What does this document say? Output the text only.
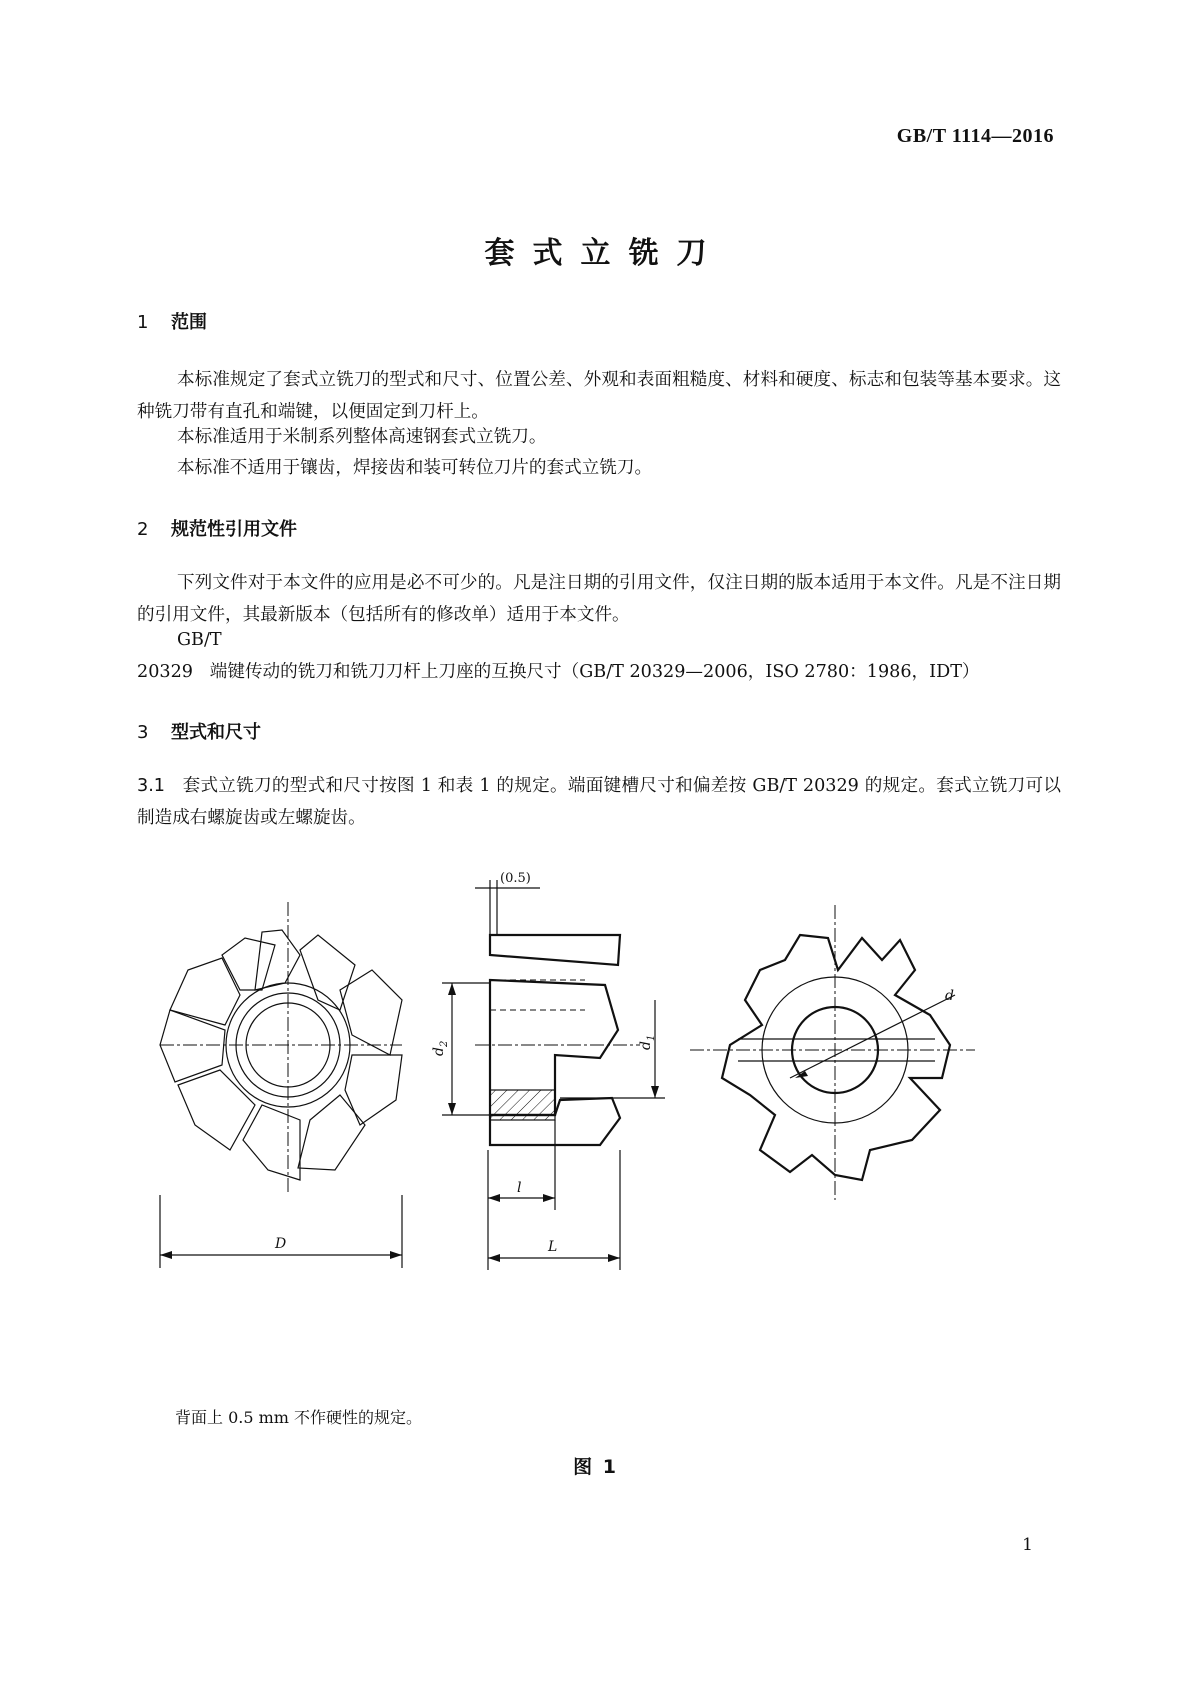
GB/T 1114—2016
套式立铣刀
1 范围
本标准规定了套式立铣刀的型式和尺寸、位置公差、外观和表面粗糙度、材料和硬度、标志和包装等基本要求。这种铣刀带有直孔和端键，以便固定到刀杆上。
本标准适用于米制系列整体高速钢套式立铣刀。
本标准不适用于镶齿，焊接齿和装可转位刀片的套式立铣刀。
2 规范性引用文件
下列文件对于本文件的应用是必不可少的。凡是注日期的引用文件，仅注日期的版本适用于本文件。凡是不注日期的引用文件，其最新版本（包括所有的修改单）适用于本文件。
GB/T 20329 端键传动的铣刀和铣刀刀杆上刀座的互换尺寸（GB/T 20329—2006，ISO 2780：1986，IDT）
3 型式和尺寸
3.1 套式立铣刀的型式和尺寸按图 1 和表 1 的规定。端面键槽尺寸和偏差按 GB/T 20329 的规定。套式立铣刀可以制造成右螺旋齿或左螺旋齿。
D
(0.5)
$d_2$	$d_1$
l
L
d
背面上 0.5 mm 不作硬性的规定。
图 1
1
